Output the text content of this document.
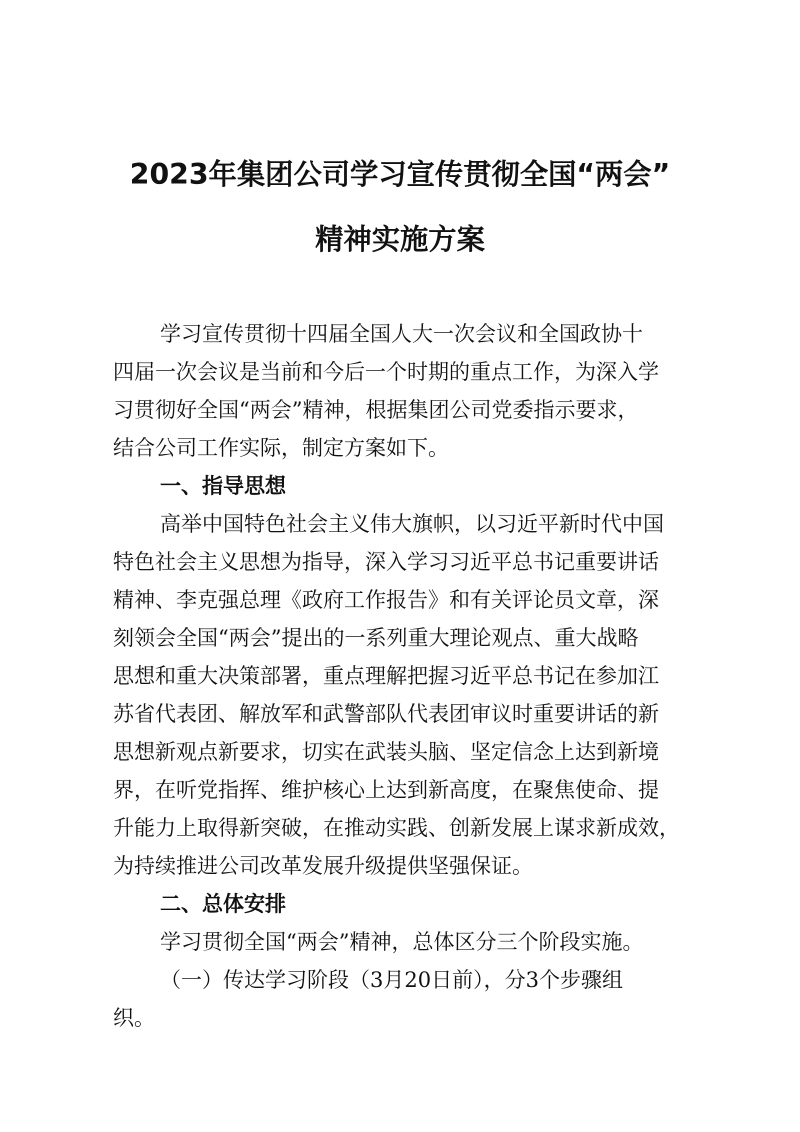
2023年集团公司学习宣传贯彻全国“两会”
精神实施方案
学习宣传贯彻十四届全国人大一次会议和全国政协十
四届一次会议是当前和今后一个时期的重点工作，为深入学
习贯彻好全国“两会”精神，根据集团公司党委指示要求，
结合公司工作实际，制定方案如下。
一、指导思想
高举中国特色社会主义伟大旗帜，以习近平新时代中国
特色社会主义思想为指导，深入学习习近平总书记重要讲话
精神、李克强总理《政府工作报告》和有关评论员文章，深
刻领会全国“两会”提出的一系列重大理论观点、重大战略
思想和重大决策部署，重点理解把握习近平总书记在参加江
苏省代表团、解放军和武警部队代表团审议时重要讲话的新
思想新观点新要求，切实在武装头脑、坚定信念上达到新境
界，在听党指挥、维护核心上达到新高度，在聚焦使命、提
升能力上取得新突破，在推动实践、创新发展上谋求新成效，
为持续推进公司改革发展升级提供坚强保证。
二、总体安排
学习贯彻全国“两会”精神，总体区分三个阶段实施。
（一）传达学习阶段（3月20日前），分3个步骤组
织。
